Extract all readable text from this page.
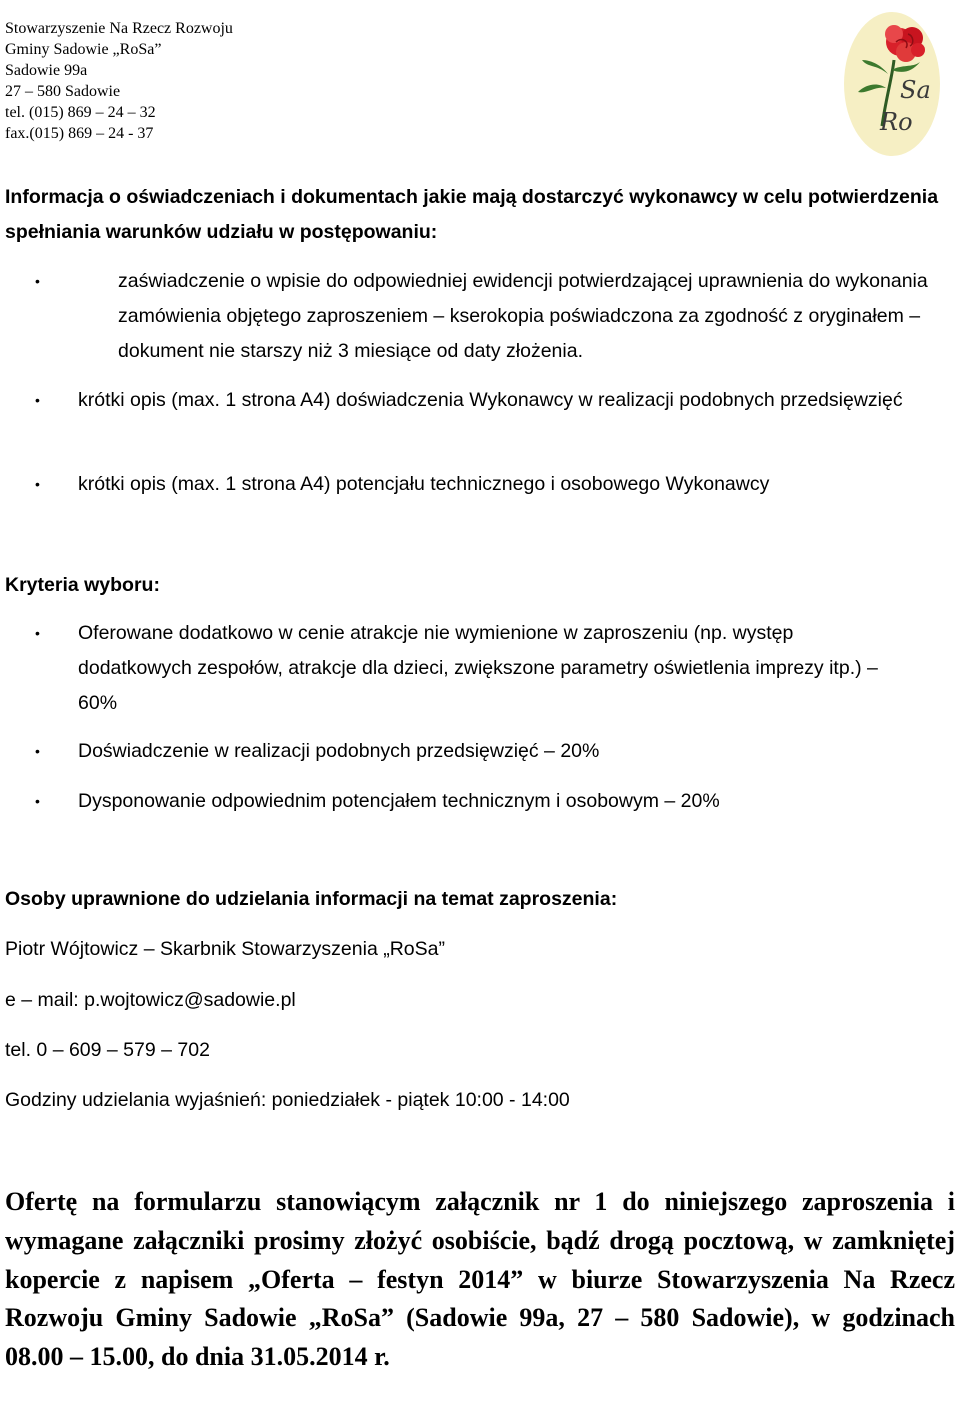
Stowarzyszenie Na Rzecz Rozwoju
Gminy Sadowie „RoSa”
Sadowie 99a
27 – 580 Sadowie
tel. (015) 869 – 24 – 32
fax.(015) 869 – 24 - 37
Sa
Ro
Informacja o oświadczeniach i dokumentach jakie mają dostarczyć wykonawcy w celu potwierdzenia spełniania warunków udziału w postępowaniu:
•	zaświadczenie o wpisie do odpowiedniej ewidencji potwierdzającej uprawnienia do wykonania zamówienia objętego zaproszeniem – kserokopia poświadczona za zgodność z oryginałem – dokument nie starszy niż 3 miesiące od daty złożenia.
• krótki opis (max. 1 strona A4) doświadczenia Wykonawcy w realizacji podobnych przedsięwzięć
• krótki opis (max. 1 strona A4) potencjału technicznego i osobowego Wykonawcy
Kryteria wyboru:
• Oferowane dodatkowo w cenie atrakcje nie wymienione w zaproszeniu (np. występ dodatkowych zespołów, atrakcje dla dzieci, zwiększone parametry oświetlenia imprezy itp.) – 60%
• Doświadczenie w realizacji podobnych przedsięwzięć – 20%
• Dysponowanie odpowiednim potencjałem technicznym i osobowym – 20%
Osoby uprawnione do udzielania informacji na temat zaproszenia:
Piotr Wójtowicz – Skarbnik Stowarzyszenia „RoSa”
e – mail: p.wojtowicz@sadowie.pl
tel. 0 – 609 – 579 – 702
Godziny udzielania wyjaśnień: poniedziałek - piątek 10:00 - 14:00

Ofertę na formularzu stanowiącym załącznik nr 1 do niniejszego zaproszenia i wymagane załączniki prosimy złożyć osobiście, bądź drogą pocztową, w zamkniętej kopercie z napisem „Oferta – festyn 2014” w biurze Stowarzyszenia Na Rzecz Rozwoju Gminy Sadowie „RoSa” (Sadowie 99a, 27 – 580 Sadowie), w godzinach 08.00 – 15.00, do dnia 31.05.2014 r.
